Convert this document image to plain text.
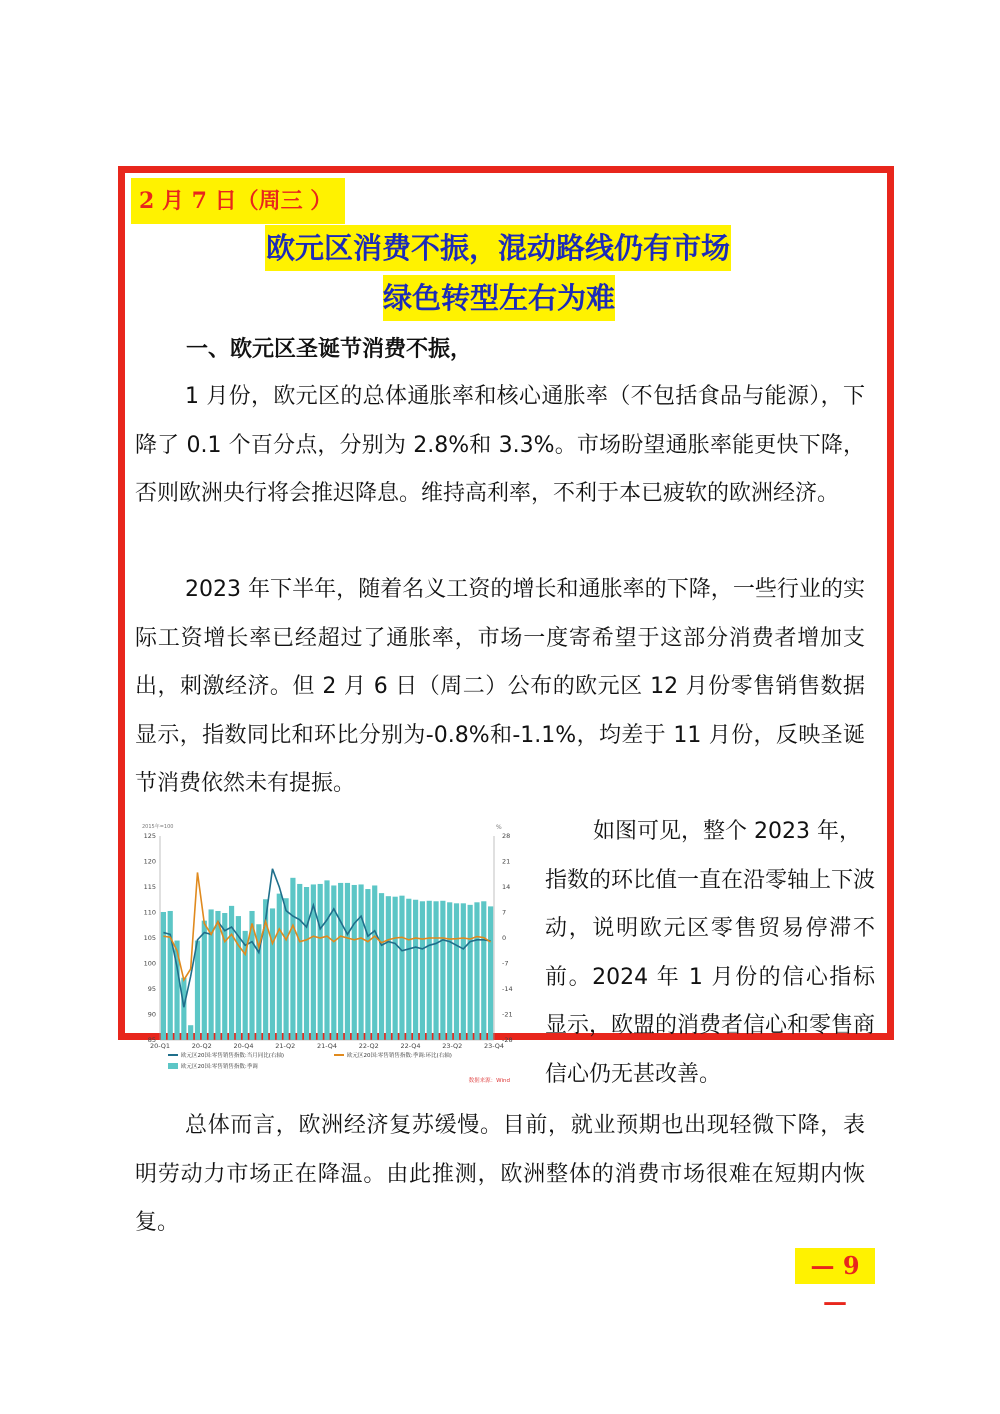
2 月 7 日（周三 ）
欧元区消费不振，混动路线仍有市场
绿色转型左右为难
一、欧元区圣诞节消费不振，

1 月份，欧元区的总体通胀率和核心通胀率（不包括食品与能源），下降了 0.1 个百分点，分别为 2.8%和 3.3%。市场盼望通胀率能更快下降，否则欧洲央行将会推迟降息。维持高利率，不利于本已疲软的欧洲经济。

2023 年下半年，随着名义工资的增长和通胀率的下降，一些行业的实际工资增长率已经超过了通胀率，市场一度寄希望于这部分消费者增加支出，刺激经济。但 2 月 6 日（周二）公布的欧元区 12 月份零售销售数据显示，指数同比和环比分别为-0.8%和-1.1%，均差于 11 月份，反映圣诞节消费依然未有提振。

如图可见，整个 2023 年，
指数的环比值一直在沿零轴上下波动，说明欧元区零售贸易停滞不前。2024 年 1 月份的信心指标显示，欧盟的消费者信心和零售商信心仍无甚改善。

2015年=100	%
125
120
115
110
105
100
95
90
85
28
21
14
7
0
-7
-14
-21
-28
20-Q1	20-Q2	20-Q4	21-Q2	21-Q4	22-Q2	22-Q4	23-Q2	23-Q4
欧元区20国:零售销售指数:当月同比(右轴)	欧元区20国:零售销售指数:季调:环比(右轴)
欧元区20国:零售销售指数:季调
数据来源：Wind

总体而言，欧洲经济复苏缓慢。目前，就业预期也出现轻微下降，表明劳动力市场正在降温。由此推测，欧洲整体的消费市场很难在短期内恢复。

— 9 —
